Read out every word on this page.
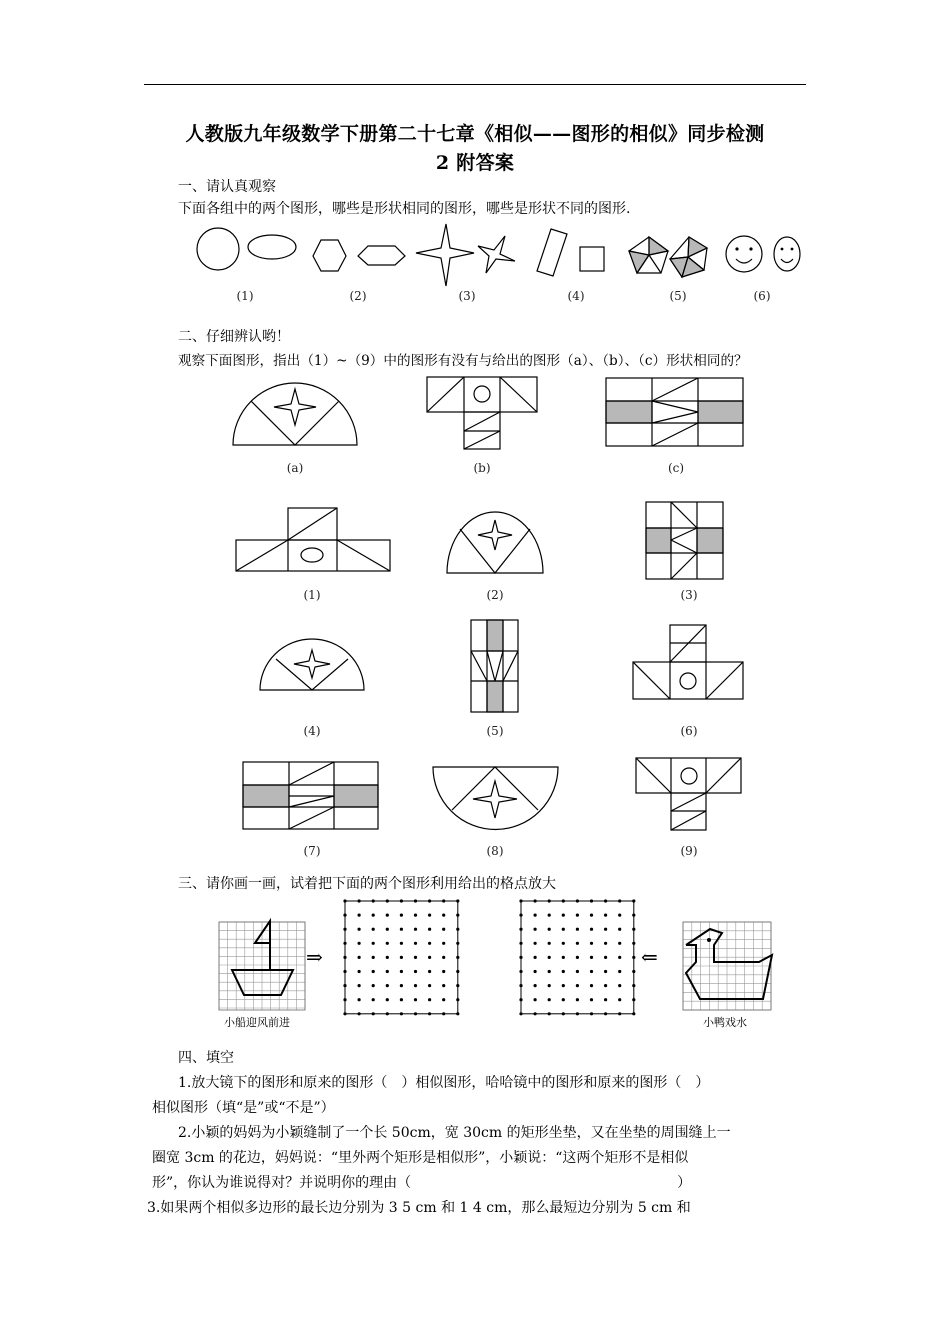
人教版九年级数学下册第二十七章《相似——图形的相似》同步检测
2 附答案
一、请认真观察
下面各组中的两个图形，哪些是形状相同的图形，哪些是形状不同的图形.
(1)	(2)	(3)	(4)	(5)	(6)
二、仔细辨认哟！
观察下面图形，指出（1）~（9）中的图形有没有与给出的图形（a）、（b）、（c）形状相同的？
(a)	(b)	(c)
(1)	(2)	(3)
(4)	(5)	(6)
(7)	(8)	(9)
三、请你画一画，试着把下面的两个图形利用给出的格点放大
⇒	⇐
小船迎风前进	小鸭戏水
四、填空
1.放大镜下的图形和原来的图形（　）相似图形，哈哈镜中的图形和原来的图形（　）
相似图形（填“是”或“不是”）
2.小颖的妈妈为小颖缝制了一个长 50cm，宽 30cm 的矩形坐垫，又在坐垫的周围缝上一
圈宽 3cm 的花边，妈妈说：“里外两个矩形是相似形”，小颖说：“这两个矩形不是相似
形”，你认为谁说得对？并说明你的理由（　　　　　　　　　　　　　　　　　　　）
3.如果两个相似多边形的最长边分别为 3 5 cm 和 1 4 cm，那么最短边分别为 5 cm 和
